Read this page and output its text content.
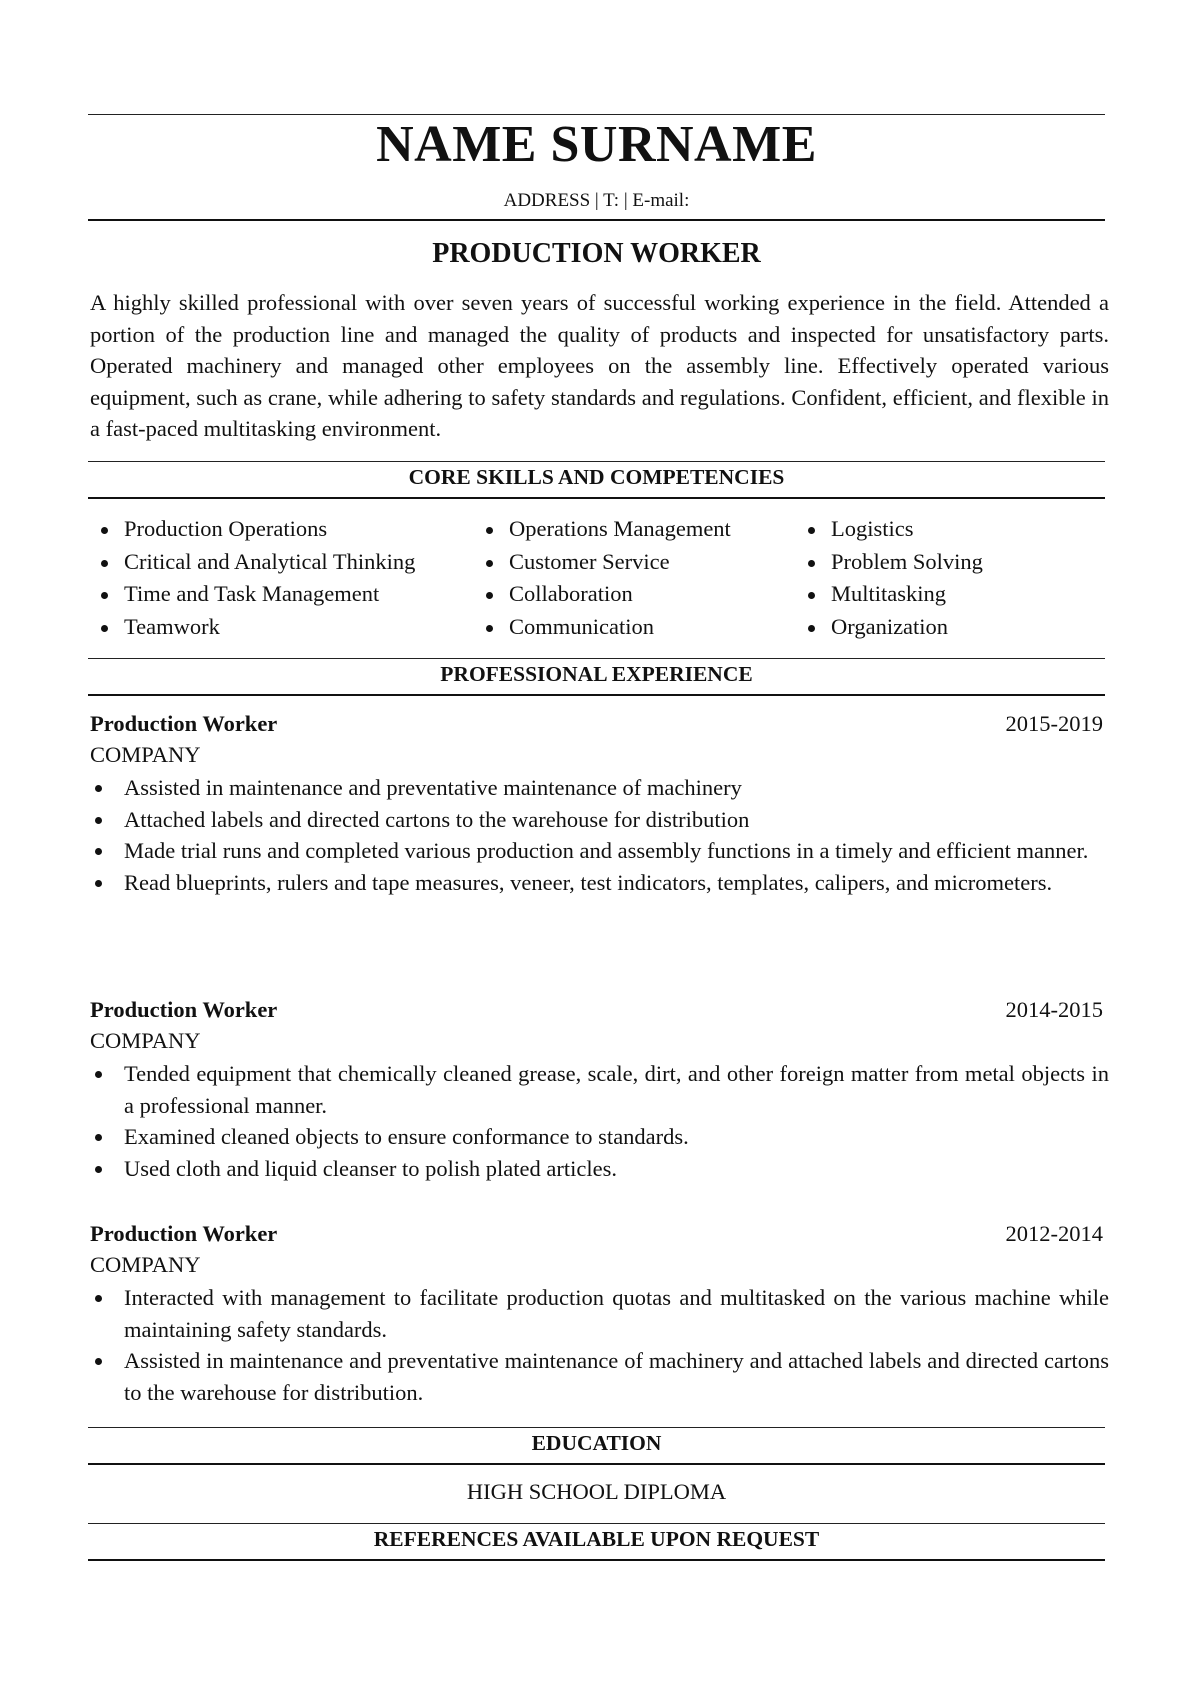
NAME SURNAME
ADDRESS | T: | E-mail:
PRODUCTION WORKER
A highly skilled professional with over seven years of successful working experience in the field. Attended a portion of the production line and managed the quality of products and inspected for unsatisfactory parts. Operated machinery and managed other employees on the assembly line. Effectively operated various equipment, such as crane, while adhering to safety standards and regulations. Confident, efficient, and flexible in a fast-paced multitasking environment.
CORE SKILLS AND COMPETENCIES
Production Operations
Critical and Analytical Thinking
Time and Task Management
Teamwork
Operations Management
Customer Service
Collaboration
Communication
Logistics
Problem Solving
Multitasking
Organization
PROFESSIONAL EXPERIENCE
Production Worker	2015-2019
COMPANY
Assisted in maintenance and preventative maintenance of machinery
Attached labels and directed cartons to the warehouse for distribution
Made trial runs and completed various production and assembly functions in a timely and efficient manner.
Read blueprints, rulers and tape measures, veneer, test indicators, templates, calipers, and micrometers.
Production Worker	2014-2015
COMPANY
Tended equipment that chemically cleaned grease, scale, dirt, and other foreign matter from metal objects in a professional manner.
Examined cleaned objects to ensure conformance to standards.
Used cloth and liquid cleanser to polish plated articles.
Production Worker	2012-2014
COMPANY
Interacted with management to facilitate production quotas and multitasked on the various machine while maintaining safety standards.
Assisted in maintenance and preventative maintenance of machinery and attached labels and directed cartons to the warehouse for distribution.
EDUCATION
HIGH SCHOOL DIPLOMA
REFERENCES AVAILABLE UPON REQUEST
